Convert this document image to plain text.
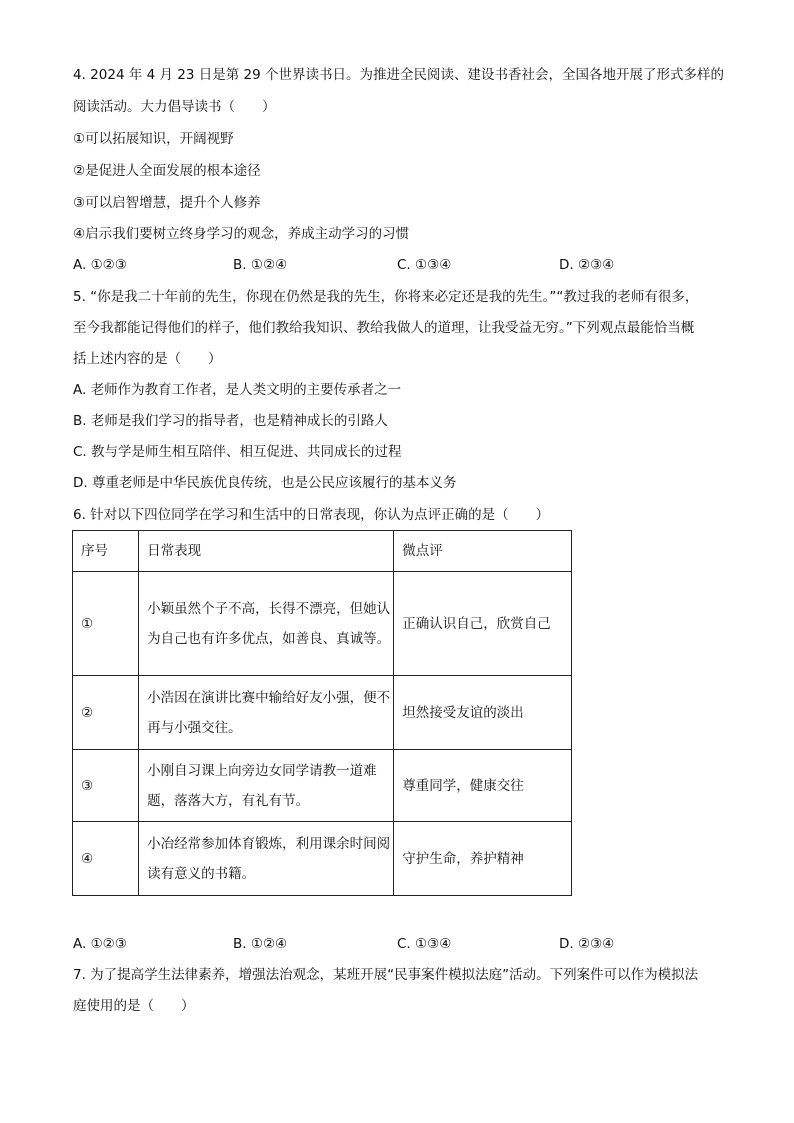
4. 2024 年 4 月 23 日是第 29 个世界读书日。为推进全民阅读、建设书香社会，全国各地开展了形式多样的
阅读活动。大力倡导读书（　　）
①可以拓展知识，开阔视野
②是促进人全面发展的根本途径
③可以启智增慧，提升个人修养
④启示我们要树立终身学习的观念，养成主动学习的习惯
A. ①②③	B. ①②④	C. ①③④	D. ②③④
5. “你是我二十年前的先生，你现在仍然是我的先生，你将来必定还是我的先生。”“教过我的老师有很多，
至今我都能记得他们的样子，他们教给我知识、教给我做人的道理，让我受益无穷。”下列观点最能恰当概
括上述内容的是（　　）
A. 老师作为教育工作者，是人类文明的主要传承者之一
B. 老师是我们学习的指导者，也是精神成长的引路人
C. 教与学是师生相互陪伴、相互促进、共同成长的过程
D. 尊重老师是中华民族优良传统，也是公民应该履行的基本义务
6. 针对以下四位同学在学习和生活中的日常表现，你认为点评正确的是（　　）
序号	日常表现	微点评
①	小颖虽然个子不高，长得不漂亮，但她认为自己也有许多优点，如善良、真诚等。	正确认识自己，欣赏自己
②	小浩因在演讲比赛中输给好友小强，便不再与小强交往。	坦然接受友谊的淡出
③	小刚自习课上向旁边女同学请教一道难题，落落大方，有礼有节。	尊重同学，健康交往
④	小冶经常参加体育锻炼，利用课余时间阅读有意义的书籍。	守护生命，养护精神
A. ①②③	B. ①②④	C. ①③④	D. ②③④
7. 为了提高学生法律素养，增强法治观念，某班开展“民事案件模拟法庭”活动。下列案件可以作为模拟法
庭使用的是（　　）
